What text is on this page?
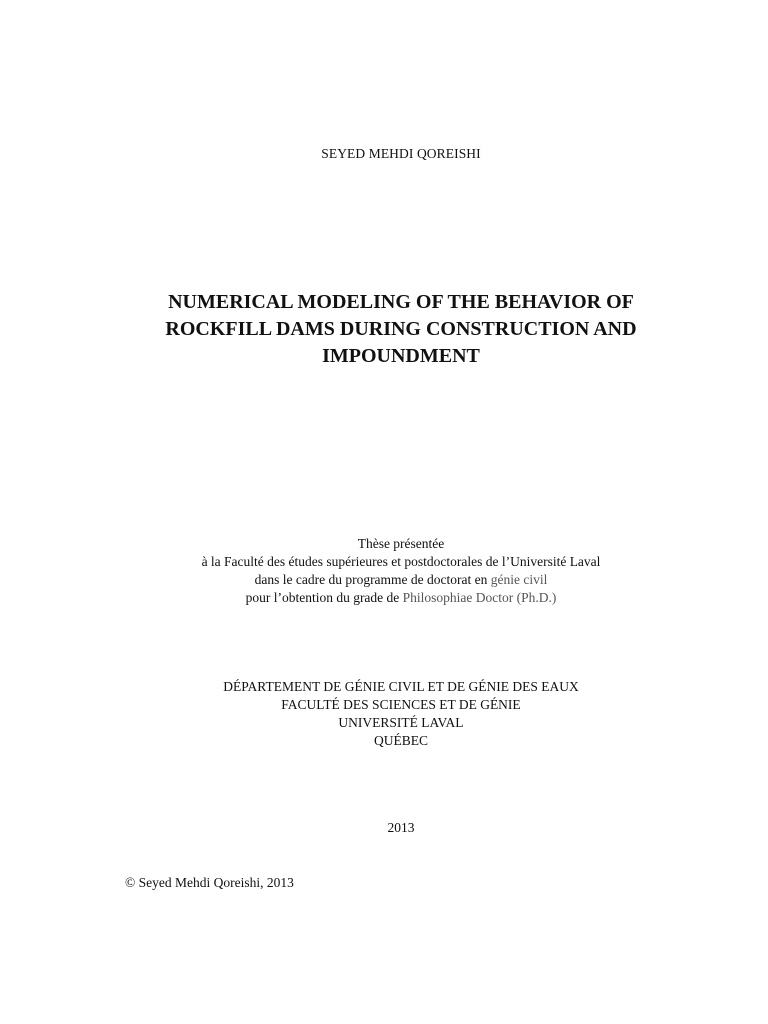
SEYED MEHDI QOREISHI
NUMERICAL MODELING OF THE BEHAVIOR OF
ROCKFILL DAMS DURING CONSTRUCTION AND
IMPOUNDMENT
Thèse présentée
à la Faculté des études supérieures et postdoctorales de l’Université Laval
dans le cadre du programme de doctorat en génie civil
pour l’obtention du grade de Philosophiae Doctor (Ph.D.)
DÉPARTEMENT DE GÉNIE CIVIL ET DE GÉNIE DES EAUX
FACULTÉ DES SCIENCES ET DE GÉNIE
UNIVERSITÉ LAVAL
QUÉBEC
2013
© Seyed Mehdi Qoreishi, 2013
